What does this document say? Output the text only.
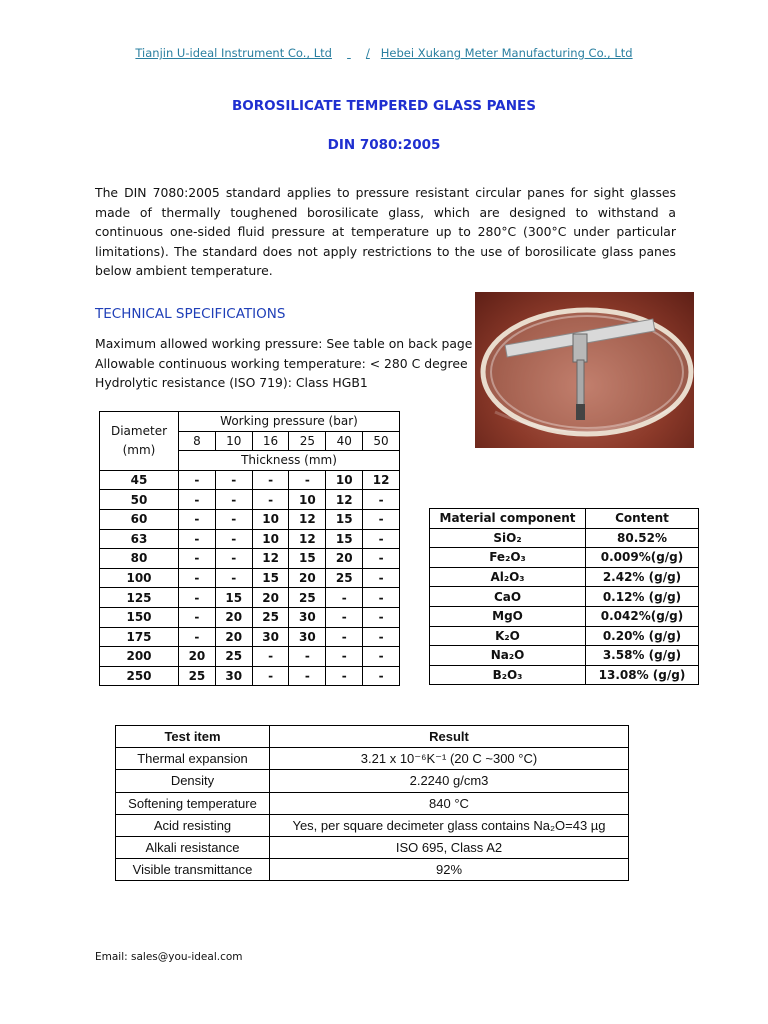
Tianjin U-ideal Instrument Co., Ltd	/ Hebei Xukang Meter Manufacturing Co., Ltd
BOROSILICATE TEMPERED GLASS PANES
DIN 7080:2005
The DIN 7080:2005 standard applies to pressure resistant circular panes for sight glasses
made of thermally toughened borosilicate glass, which are designed to withstand a
continuous one-sided fluid pressure at temperature up to 280°C (300°C under particular
limitations). The standard does not apply restrictions to the use of borosilicate glass panes
below ambient temperature.
TECHNICAL SPECIFICATIONS
Maximum allowed working pressure: See table on back page
Allowable continuous working temperature: < 280 C degree
Hydrolytic resistance (ISO 719): Class HGB1
Diameter (mm)	Working pressure (bar)					
	8	10	16	25	40	50
	Thickness (mm)					
45	-	-	-	-	10	12
50	-	-	-	10	12	-
60	-	-	10	12	15	-
63	-	-	10	12	15	-
80	-	-	12	15	20	-
100	-	-	15	20	25	-
125	-	15	20	25	-	-
150	-	20	25	30	-	-
175	-	20	30	30	-	-
200	20	25	-	-	-	-
250	25	30	-	-	-	-
Material component	Content
SiO₂	80.52%
Fe₂O₃	0.009%(g/g)
Al₂O₃	2.42% (g/g)
CaO	0.12% (g/g)
MgO	0.042%(g/g)
K₂O	0.20% (g/g)
Na₂O	3.58% (g/g)
B₂O₃	13.08% (g/g)
Test item	Result
Thermal expansion	3.21 x 10⁻⁶K⁻¹ (20 C ~300 °C)
Density	2.2240 g/cm3
Softening temperature	840 °C
Acid resisting	Yes, per square decimeter glass contains Na₂O=43 µg
Alkali resistance	ISO 695, Class A2
Visible transmittance	92%
Email: sales@you-ideal.com
